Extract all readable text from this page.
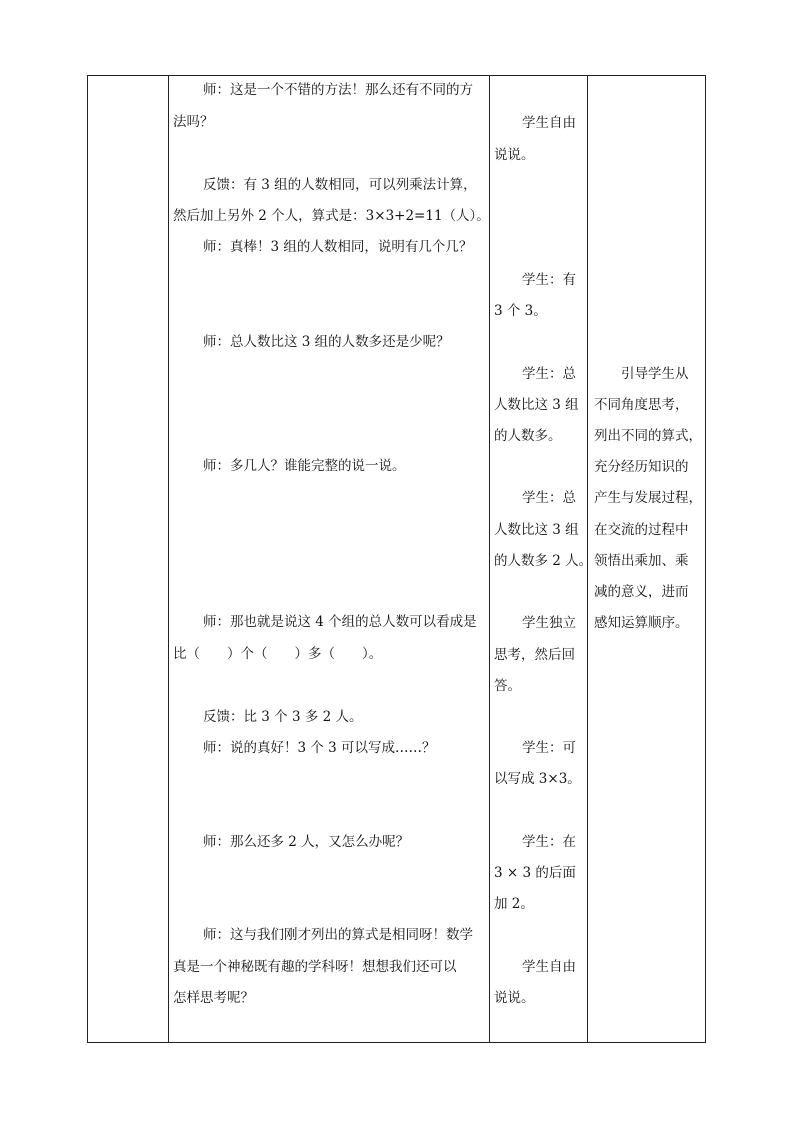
师：这是一个不错的方法！那么还有不同的方
法吗？
反馈：有 3 组的人数相同，可以列乘法计算，
然后加上另外 2 个人，算式是：3×3+2=11（人）。
师：真棒！3 组的人数相同，说明有几个几？
师：总人数比这 3 组的人数多还是少呢？
师：多几人？谁能完整的说一说。
师：那也就是说这 4 个组的总人数可以看成是
比（　　）个（　　）多（　　）。
反馈：比 3 个 3 多 2 人。
师：说的真好！3 个 3 可以写成……？
师：那么还多 2 人，又怎么办呢？
师：这与我们刚才列出的算式是相同呀！数学
真是一个神秘既有趣的学科呀！想想我们还可以
怎样思考呢？
学生自由
说说。
学生：有
3 个 3。
学生：总
人数比这 3 组
的人数多。
学生：总
人数比这 3 组
的人数多 2 人。
学生独立
思考，然后回
答。
学生：可
以写成 3×3。
学生：在
3 × 3 的后面
加 2。
学生自由
说说。
引导学生从
不同角度思考，
列出不同的算式，
充分经历知识的
产生与发展过程，
在交流的过程中
领悟出乘加、乘
减的意义，进而
感知运算顺序。
